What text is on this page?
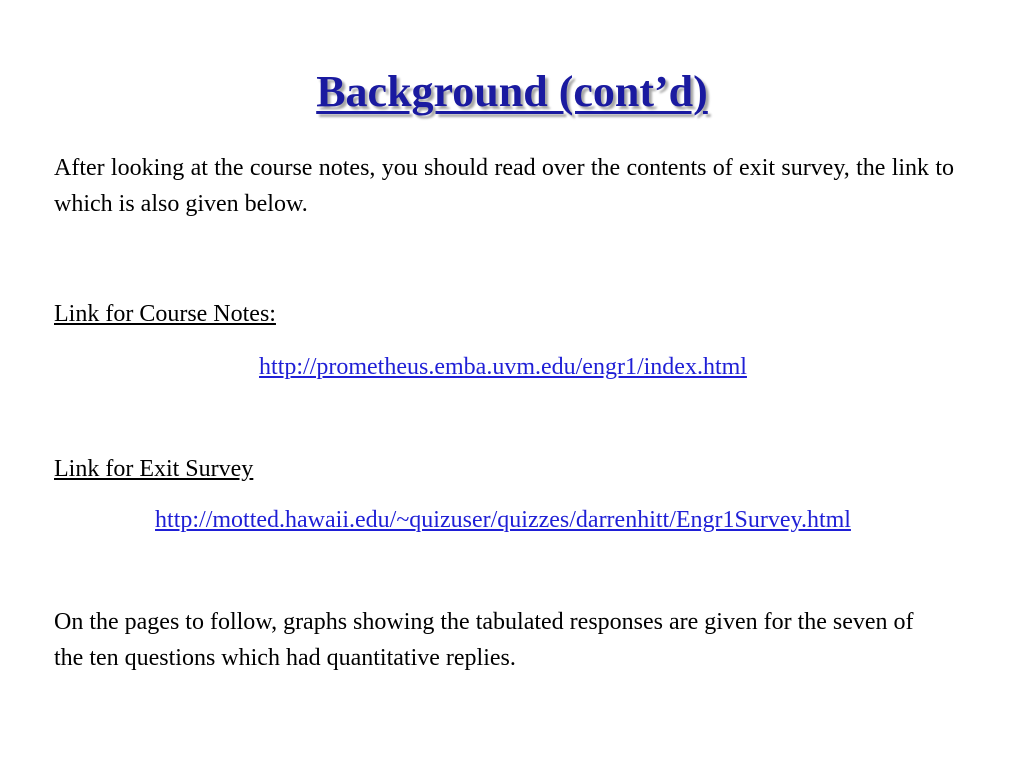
Background (cont’d)
After looking at the course notes, you should read over the contents of exit survey, the link to which is also given below.
Link for Course Notes:
http://prometheus.emba.uvm.edu/engr1/index.html
Link for Exit Survey
http://motted.hawaii.edu/~quizuser/quizzes/darrenhitt/Engr1Survey.html
On the pages to follow, graphs showing the tabulated responses are given for the seven of the ten questions which had quantitative replies.
